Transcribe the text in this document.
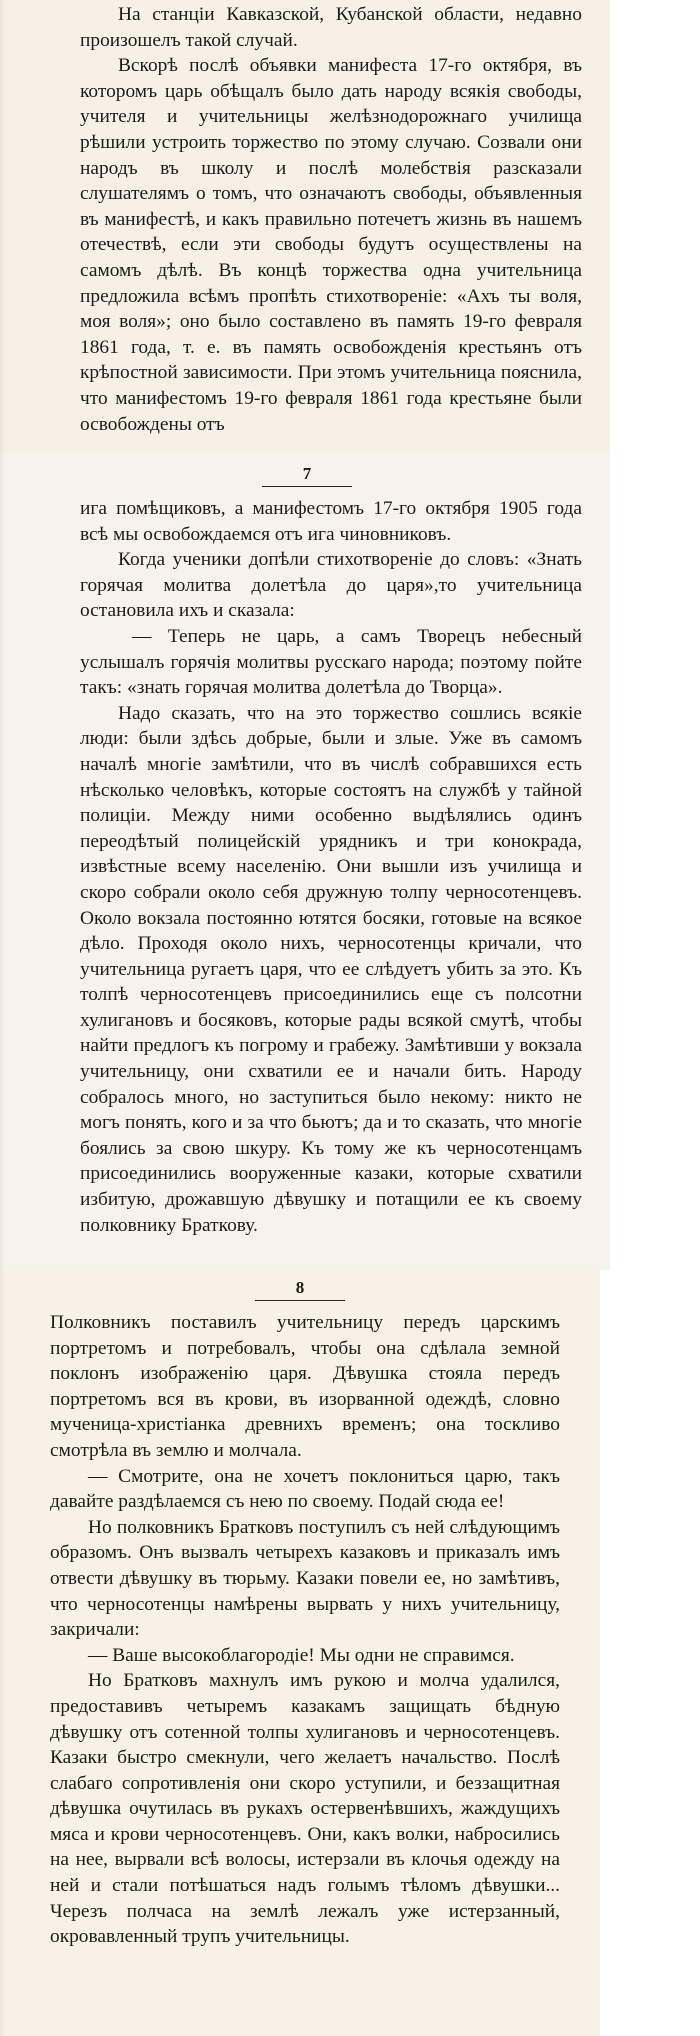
На станціи Кавказской, Кубанской области, недавно произошелъ такой случай.

Вскорѣ послѣ объявки манифеста 17-го октября, въ которомъ царь обѣщалъ было дать народу всякія свободы, учителя и учительницы желѣзнодорожнаго училища рѣшили устроить торжество по этому случаю. Созвали они народъ въ школу и послѣ молебствія разсказали слушателямъ о томъ, что означаютъ свободы, объявленныя въ манифестѣ, и какъ правильно потечетъ жизнь въ нашемъ отечествѣ, если эти свободы будутъ осуществлены на самомъ дѣлѣ. Въ концѣ торжества одна учительница предложила всѣмъ пропѣть стихотвореніе: «Ахъ ты воля, моя воля»; оно было составлено въ память 19-го февраля 1861 года, т. е. въ память освобожденія крестьянъ отъ крѣпостной зависимости. При этомъ учительница пояснила, что манифестомъ 19-го февраля 1861 года крестьяне были освобождены отъ

7

ига помѣщиковъ, а манифестомъ 17-го октября 1905 года всѣ мы освобождаемся отъ ига чиновниковъ.

Когда ученики допѣли стихотвореніе до словъ: «Знать горячая молитва долетѣла до царя»,то учительница остановила ихъ и сказала:

— Теперь не царь, а самъ Творецъ небесный услышалъ горячія молитвы русскаго народа; поэтому пойте такъ: «знать горячая молитва долетѣла до Творца».

Надо сказать, что на это торжество сошлись всякіе люди: были здѣсь добрые, были и злые. Уже въ самомъ началѣ многіе замѣтили, что въ числѣ собравшихся есть нѣсколько человѣкъ, которые состоятъ на службѣ у тайной полиціи. Между ними особенно выдѣлялись одинъ переодѣтый полицейскій урядникъ и три конокрада, извѣстные всему населенію. Они вышли изъ училища и скоро собрали около себя дружную толпу черносотенцевъ. Около вокзала постоянно ютятся босяки, готовые на всякое дѣло. Проходя около нихъ, черносотенцы кричали, что учительница ругаетъ царя, что ее слѣдуетъ убить за это. Къ толпѣ черносотенцевъ присоединились еще съ полсотни хулигановъ и босяковъ, которые рады всякой смутѣ, чтобы найти предлогъ къ погрому и грабежу. Замѣтивши у вокзала учительницу, они схватили ее и начали бить. Народу собралось много, но заступиться было некому: никто не могъ понять, кого и за что бьютъ; да и то сказать, что многіе боялись за свою шкуру. Къ тому же къ черносотенцамъ присоединились вооруженные казаки, которые схватили избитую, дрожавшую дѣвушку и потащили ее къ своему полковнику Браткову.

8

Полковникъ поставилъ учительницу передъ царскимъ портретомъ и потребовалъ, чтобы она сдѣлала земной поклонъ изображенію царя. Дѣвушка стояла передъ портретомъ вся въ крови, въ изорванной одеждѣ, словно мученица-христіанка древнихъ временъ; она тоскливо смотрѣла въ землю и молчала.

— Смотрите, она не хочетъ поклониться царю, такъ давайте раздѣлаемся съ нею по своему. Подай сюда ее!

Но полковникъ Братковъ поступилъ съ ней слѣдующимъ образомъ. Онъ вызвалъ четырехъ казаковъ и приказалъ имъ отвести дѣвушку въ тюрьму. Казаки повели ее, но замѣтивъ, что черносотенцы намѣрены вырвать у нихъ учительницу, закричали:

— Ваше высокоблагородіе! Мы одни не справимся.

Но Братковъ махнулъ имъ рукою и молча удалился, предоставивъ четыремъ казакамъ защищать бѣдную дѣвушку отъ сотенной толпы хулигановъ и черносотенцевъ. Казаки быстро смекнули, чего желаетъ начальство. Послѣ слабаго сопротивленія они скоро уступили, и беззащитная дѣвушка очутилась въ рукахъ остервенѣвшихъ, жаждущихъ мяса и крови черносотенцевъ. Они, какъ волки, набросились на нее, вырвали всѣ волосы, истерзали въ клочья одежду на ней и стали потѣшаться надъ голымъ тѣломъ дѣвушки... Черезъ полчаса на землѣ лежалъ уже истерзанный, окровавленный трупъ учительницы.
